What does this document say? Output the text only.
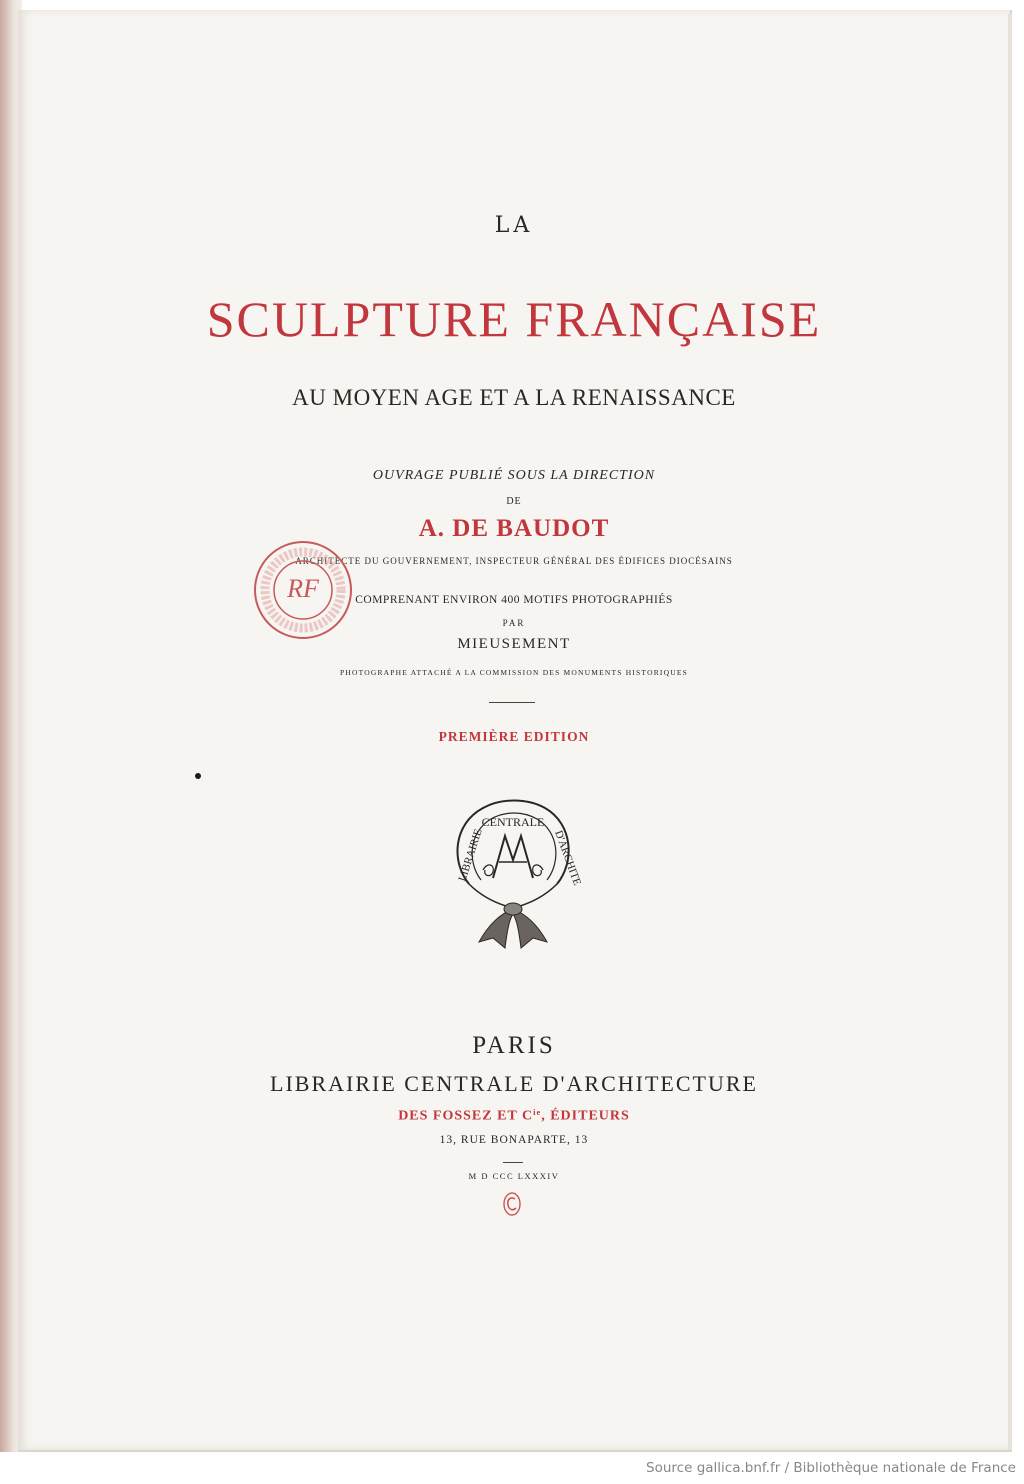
LA
SCULPTURE FRANÇAISE
AU MOYEN AGE ET A LA RENAISSANCE
OUVRAGE PUBLIÉ SOUS LA DIRECTION
DE
A. DE BAUDOT
ARCHITECTE DU GOUVERNEMENT, INSPECTEUR GÉNÉRAL DES ÉDIFICES DIOCÉSAINS
COMPRENANT ENVIRON 400 MOTIFS PHOTOGRAPHIÉS
PAR
MIEUSEMENT
PHOTOGRAPHE ATTACHÉ A LA COMMISSION DES MONUMENTS HISTORIQUES
PREMIÈRE EDITION
RF
CENTRALE
LIBRAIRIE	D'ARCHITE
PARIS
LIBRAIRIE CENTRALE D'ARCHITECTURE
DES FOSSEZ ET $C^{ie}$, ÉDITEURS
13, RUE BONAPARTE, 13
M D CCC LXXXIV
Source gallica.bnf.fr / Bibliothèque nationale de France
